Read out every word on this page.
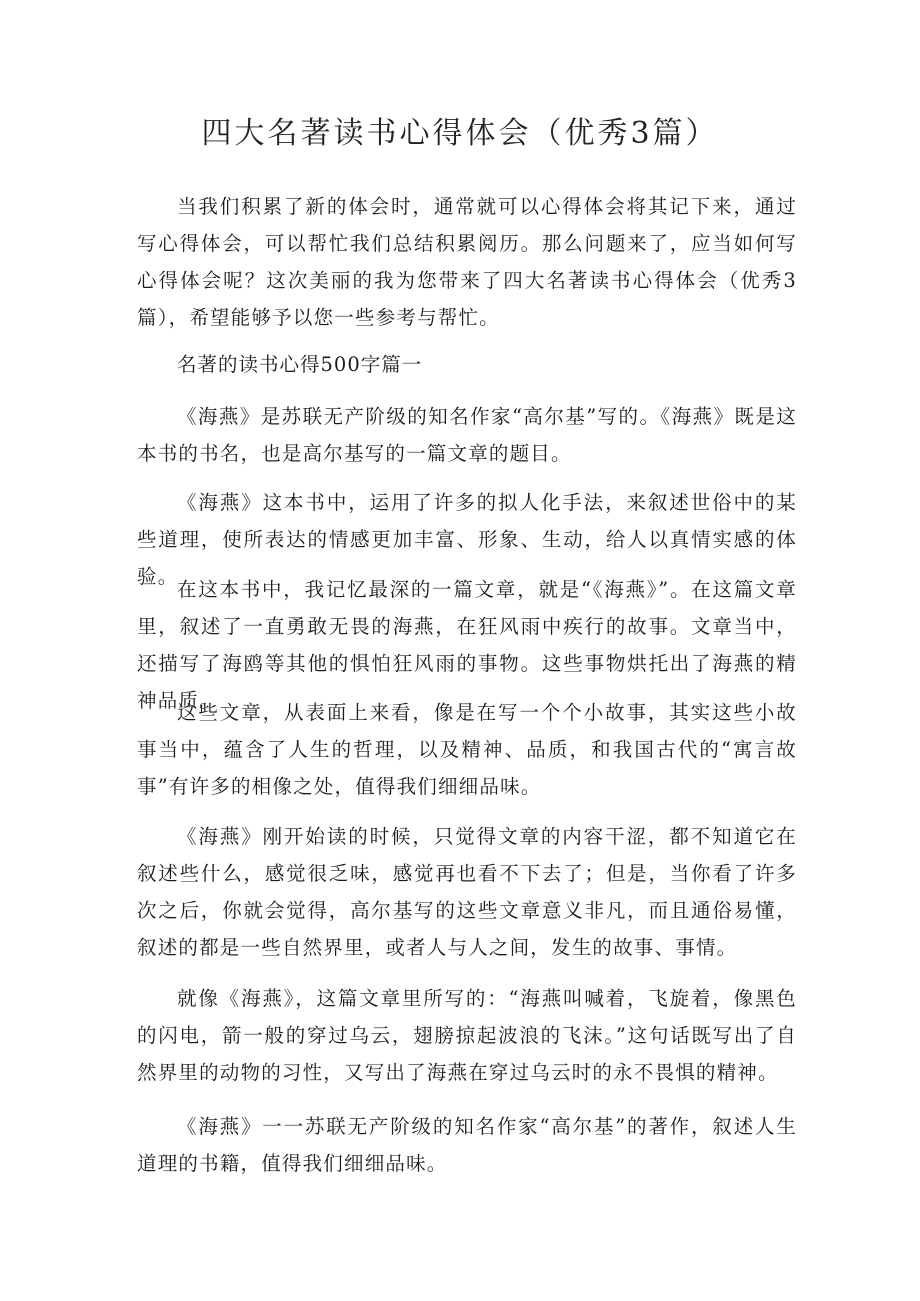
四大名著读书心得体会（优秀3篇）

当我们积累了新的体会时，通常就可以心得体会将其记下来，通过写心得体会，可以帮忙我们总结积累阅历。那么问题来了，应当如何写心得体会呢？这次美丽的我为您带来了四大名著读书心得体会（优秀3篇），希望能够予以您一些参考与帮忙。

名著的读书心得500字篇一

《海燕》是苏联无产阶级的知名作家“高尔基”写的。《海燕》既是这本书的书名，也是高尔基写的一篇文章的题目。

《海燕》这本书中，运用了许多的拟人化手法，来叙述世俗中的某些道理，使所表达的情感更加丰富、形象、生动，给人以真情实感的体验。

在这本书中，我记忆最深的一篇文章，就是“《海燕》”。在这篇文章里，叙述了一直勇敢无畏的海燕，在狂风雨中疾行的故事。文章当中，还描写了海鸥等其他的惧怕狂风雨的事物。这些事物烘托出了海燕的精神品质。

这些文章，从表面上来看，像是在写一个个小故事，其实这些小故事当中，蕴含了人生的哲理，以及精神、品质，和我国古代的“寓言故事”有许多的相像之处，值得我们细细品味。

《海燕》刚开始读的时候，只觉得文章的内容干涩，都不知道它在叙述些什么，感觉很乏味，感觉再也看不下去了；但是，当你看了许多次之后，你就会觉得，高尔基写的这些文章意义非凡，而且通俗易懂，叙述的都是一些自然界里，或者人与人之间，发生的故事、事情。

就像《海燕》，这篇文章里所写的：“海燕叫喊着，飞旋着，像黑色的闪电，箭一般的穿过乌云，翅膀掠起波浪的飞沫。”这句话既写出了自然界里的动物的习性，又写出了海燕在穿过乌云时的永不畏惧的精神。

《海燕》一一苏联无产阶级的知名作家“高尔基”的著作，叙述人生道理的书籍，值得我们细细品味。
